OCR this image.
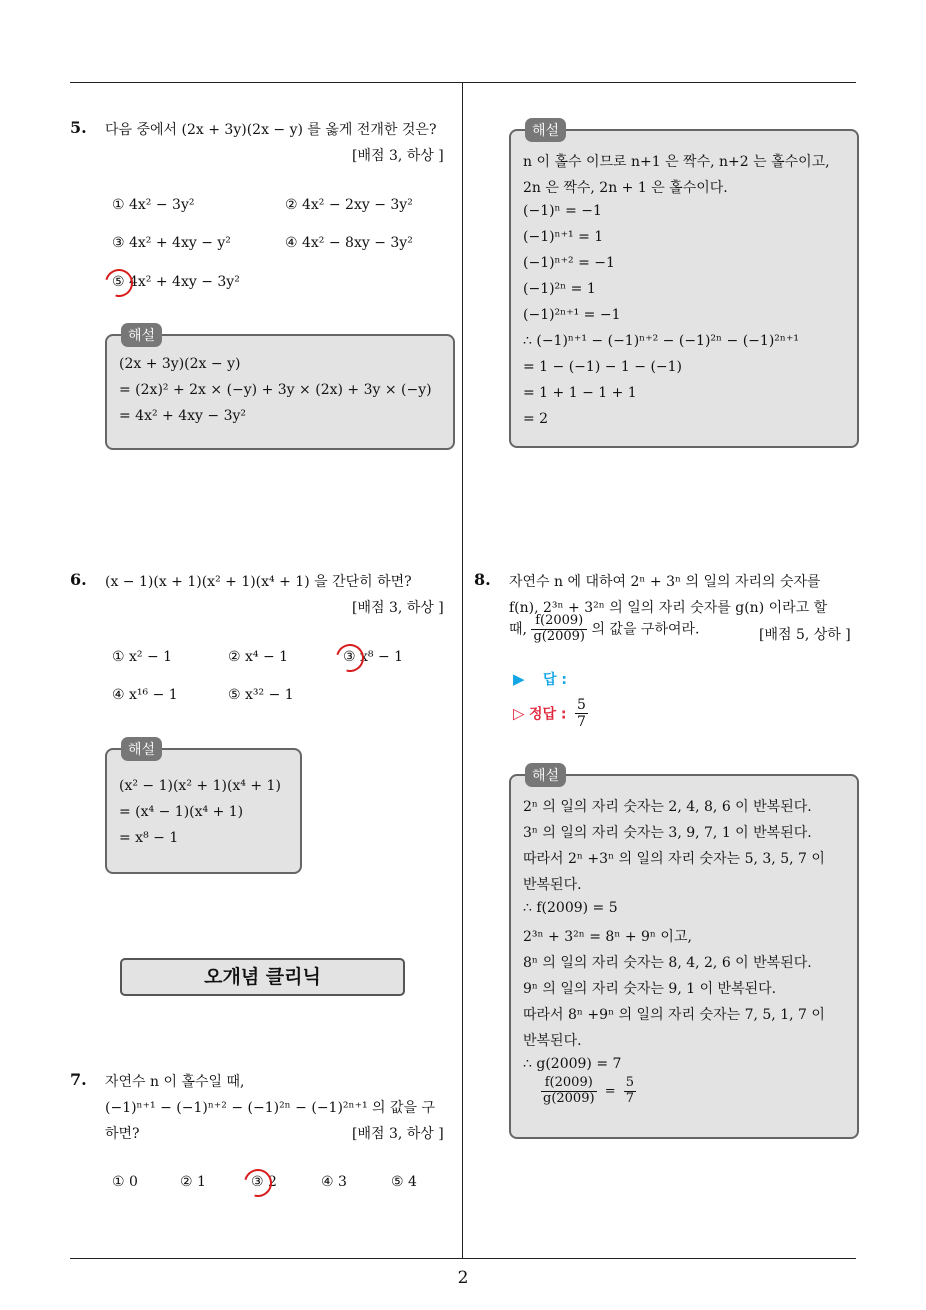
5. 다음 중에서 (2x + 3y)(2x − y) 를 옳게 전개한 것은?
[배점 3, 하상 ]
① 4x² − 3y²	② 4x² − 2xy − 3y²
③ 4x² + 4xy − y²	④ 4x² − 8xy − 3y²
⑤ 4x² + 4xy − 3y²
해설
(2x + 3y)(2x − y)
= (2x)² + 2x × (−y) + 3y × (2x) + 3y × (−y)
= 4x² + 4xy − 3y²
6. (x − 1)(x + 1)(x² + 1)(x⁴ + 1) 을 간단히 하면?
[배점 3, 하상 ]
① x² − 1	② x⁴ − 1	③ x⁸ − 1
④ x¹⁶ − 1	⑤ x³² − 1
해설
(x² − 1)(x² + 1)(x⁴ + 1)
= (x⁴ − 1)(x⁴ + 1)
= x⁸ − 1
오개념 클리닉
7. 자연수 n 이 홀수일 때,
(−1)ⁿ⁺¹ − (−1)ⁿ⁺² − (−1)²ⁿ − (−1)²ⁿ⁺¹ 의 값을 구
하면?	[배점 3, 하상 ]
① 0	② 1	③ 2	④ 3	⑤ 4
해설
n 이 홀수 이므로 n+1 은 짝수, n+2 는 홀수이고,
2n 은 짝수, 2n + 1 은 홀수이다.
(−1)ⁿ = −1
(−1)ⁿ⁺¹ = 1
(−1)ⁿ⁺² = −1
(−1)²ⁿ = 1
(−1)²ⁿ⁺¹ = −1
∴ (−1)ⁿ⁺¹ − (−1)ⁿ⁺² − (−1)²ⁿ − (−1)²ⁿ⁺¹
= 1 − (−1) − 1 − (−1)
= 1 + 1 − 1 + 1
= 2
8. 자연수 n 에 대하여 2ⁿ + 3ⁿ 의 일의 자리의 숫자를
f(n), 2³ⁿ + 3²ⁿ 의 일의 자리 숫자를 g(n) 이라고 할
때, $\frac{f(2009)}{g(2009)}$ 의 값을 구하여라.	[배점 5, 상하 ]
▶ 답 :
▷ 정답 : $\frac{5}{7}$
해설
2ⁿ 의 일의 자리 숫자는 2, 4, 8, 6 이 반복된다.
3ⁿ 의 일의 자리 숫자는 3, 9, 7, 1 이 반복된다.
따라서 2ⁿ +3ⁿ 의 일의 자리 숫자는 5, 3, 5, 7 이
반복된다.
∴ f(2009) = 5
2³ⁿ + 3²ⁿ = 8ⁿ + 9ⁿ 이고,
8ⁿ 의 일의 자리 숫자는 8, 4, 2, 6 이 반복된다.
9ⁿ 의 일의 자리 숫자는 9, 1 이 반복된다.
따라서 8ⁿ +9ⁿ 의 일의 자리 숫자는 7, 5, 1, 7 이
반복된다.
∴ g(2009) = 7
$\frac{f(2009)}{g(2009)} = \frac{5}{7}$
2
